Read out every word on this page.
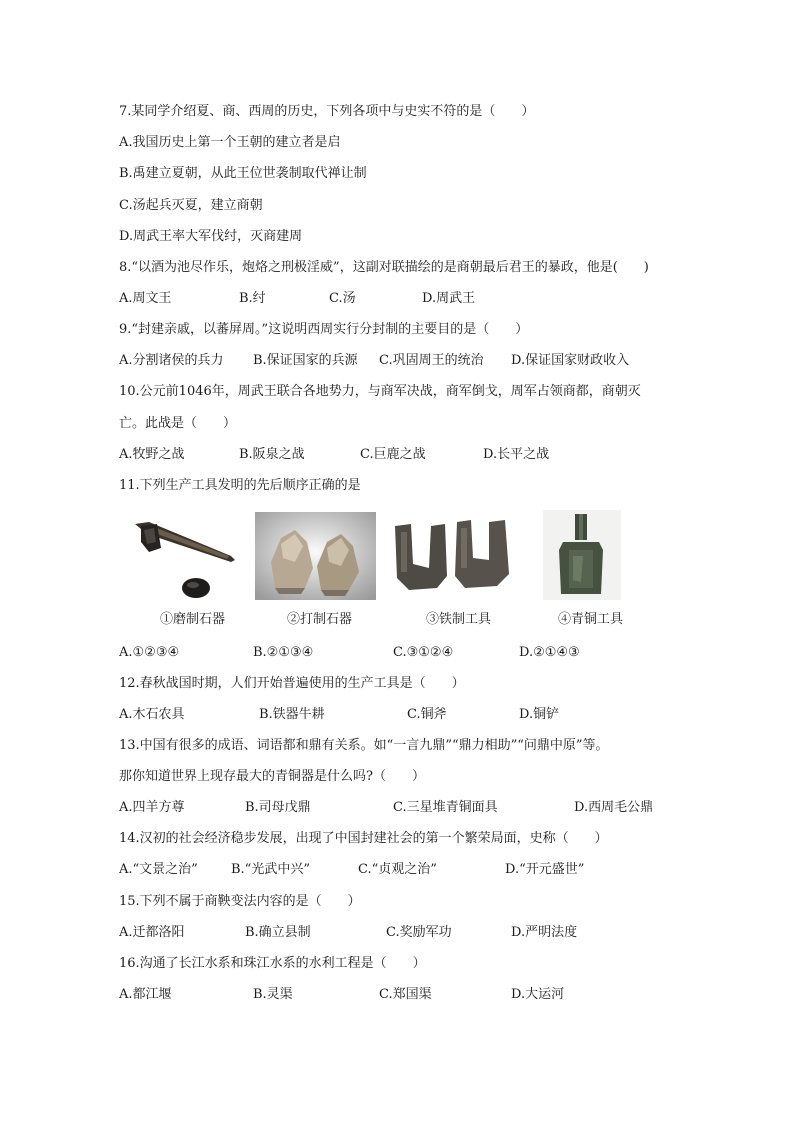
7.某同学介绍夏、商、西周的历史，下列各项中与史实不符的是（　　）
A.我国历史上第一个王朝的建立者是启
B.禹建立夏朝，从此王位世袭制取代禅让制
C.汤起兵灭夏，建立商朝
D.周武王率大军伐纣，灭商建周
8.“以酒为池尽作乐，炮烙之刑极淫威”，这副对联描绘的是商朝最后君王的暴政，他是(　　)
A.周文王	B.纣	C.汤	D.周武王
9.“封建亲戚，以蕃屏周。”这说明西周实行分封制的主要目的是（　　）
A.分割诸侯的兵力 B.保证国家的兵源 C.巩固周王的统治 D.保证国家财政收入
10.公元前1046年，周武王联合各地势力，与商军决战，商军倒戈，周军占领商都，商朝灭
亡。此战是（　　）
A.牧野之战	B.阪泉之战	C.巨鹿之战	D.长平之战
11.下列生产工具发明的先后顺序正确的是
①磨制石器	②打制石器	③铁制工具	④青铜工具
A.①②③④	B.②①③④	C.③①②④	D.②①④③
12.春秋战国时期，人们开始普遍使用的生产工具是（　　）
A.木石农具	B.铁器牛耕	C.铜斧	D.铜铲
13.中国有很多的成语、词语都和鼎有关系。如“一言九鼎”“鼎力相助”“问鼎中原”等。
那你知道世界上现存最大的青铜器是什么吗?（　　）
A.四羊方尊	B.司母戊鼎	C.三星堆青铜面具	D.西周毛公鼎
14.汉初的社会经济稳步发展，出现了中国封建社会的第一个繁荣局面，史称（　　）
A.“文景之治”	B.“光武中兴”	C.“贞观之治”	D.“开元盛世”
15.下列不属于商鞅变法内容的是（　　）
A.迁都洛阳	B.确立县制	C.奖励军功	D.严明法度
16.沟通了长江水系和珠江水系的水利工程是（　　）
A.都江堰	B.灵渠	C.郑国渠	D.大运河
